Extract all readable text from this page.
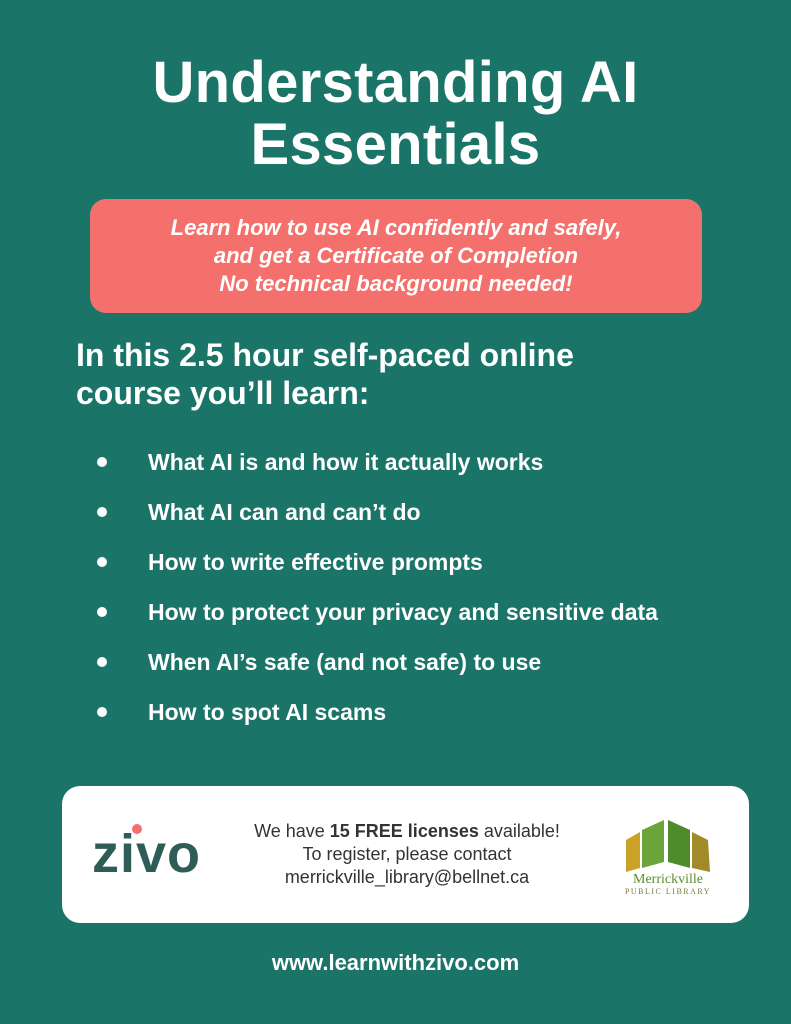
Understanding AI
Essentials
Learn how to use AI confidently and safely,
and get a Certificate of Completion
No technical background needed!
In this 2.5 hour self-paced online
course you’ll learn:
What AI is and how it actually works
What AI can and can’t do
How to write effective prompts
How to protect your privacy and sensitive data
When AI’s safe (and not safe) to use
How to spot AI scams
zivo	We have 15 FREE licenses available!
To register, please contact
merrickville_library@bellnet.ca	Merrickville
PUBLIC LIBRARY
www.learnwithzivo.com
